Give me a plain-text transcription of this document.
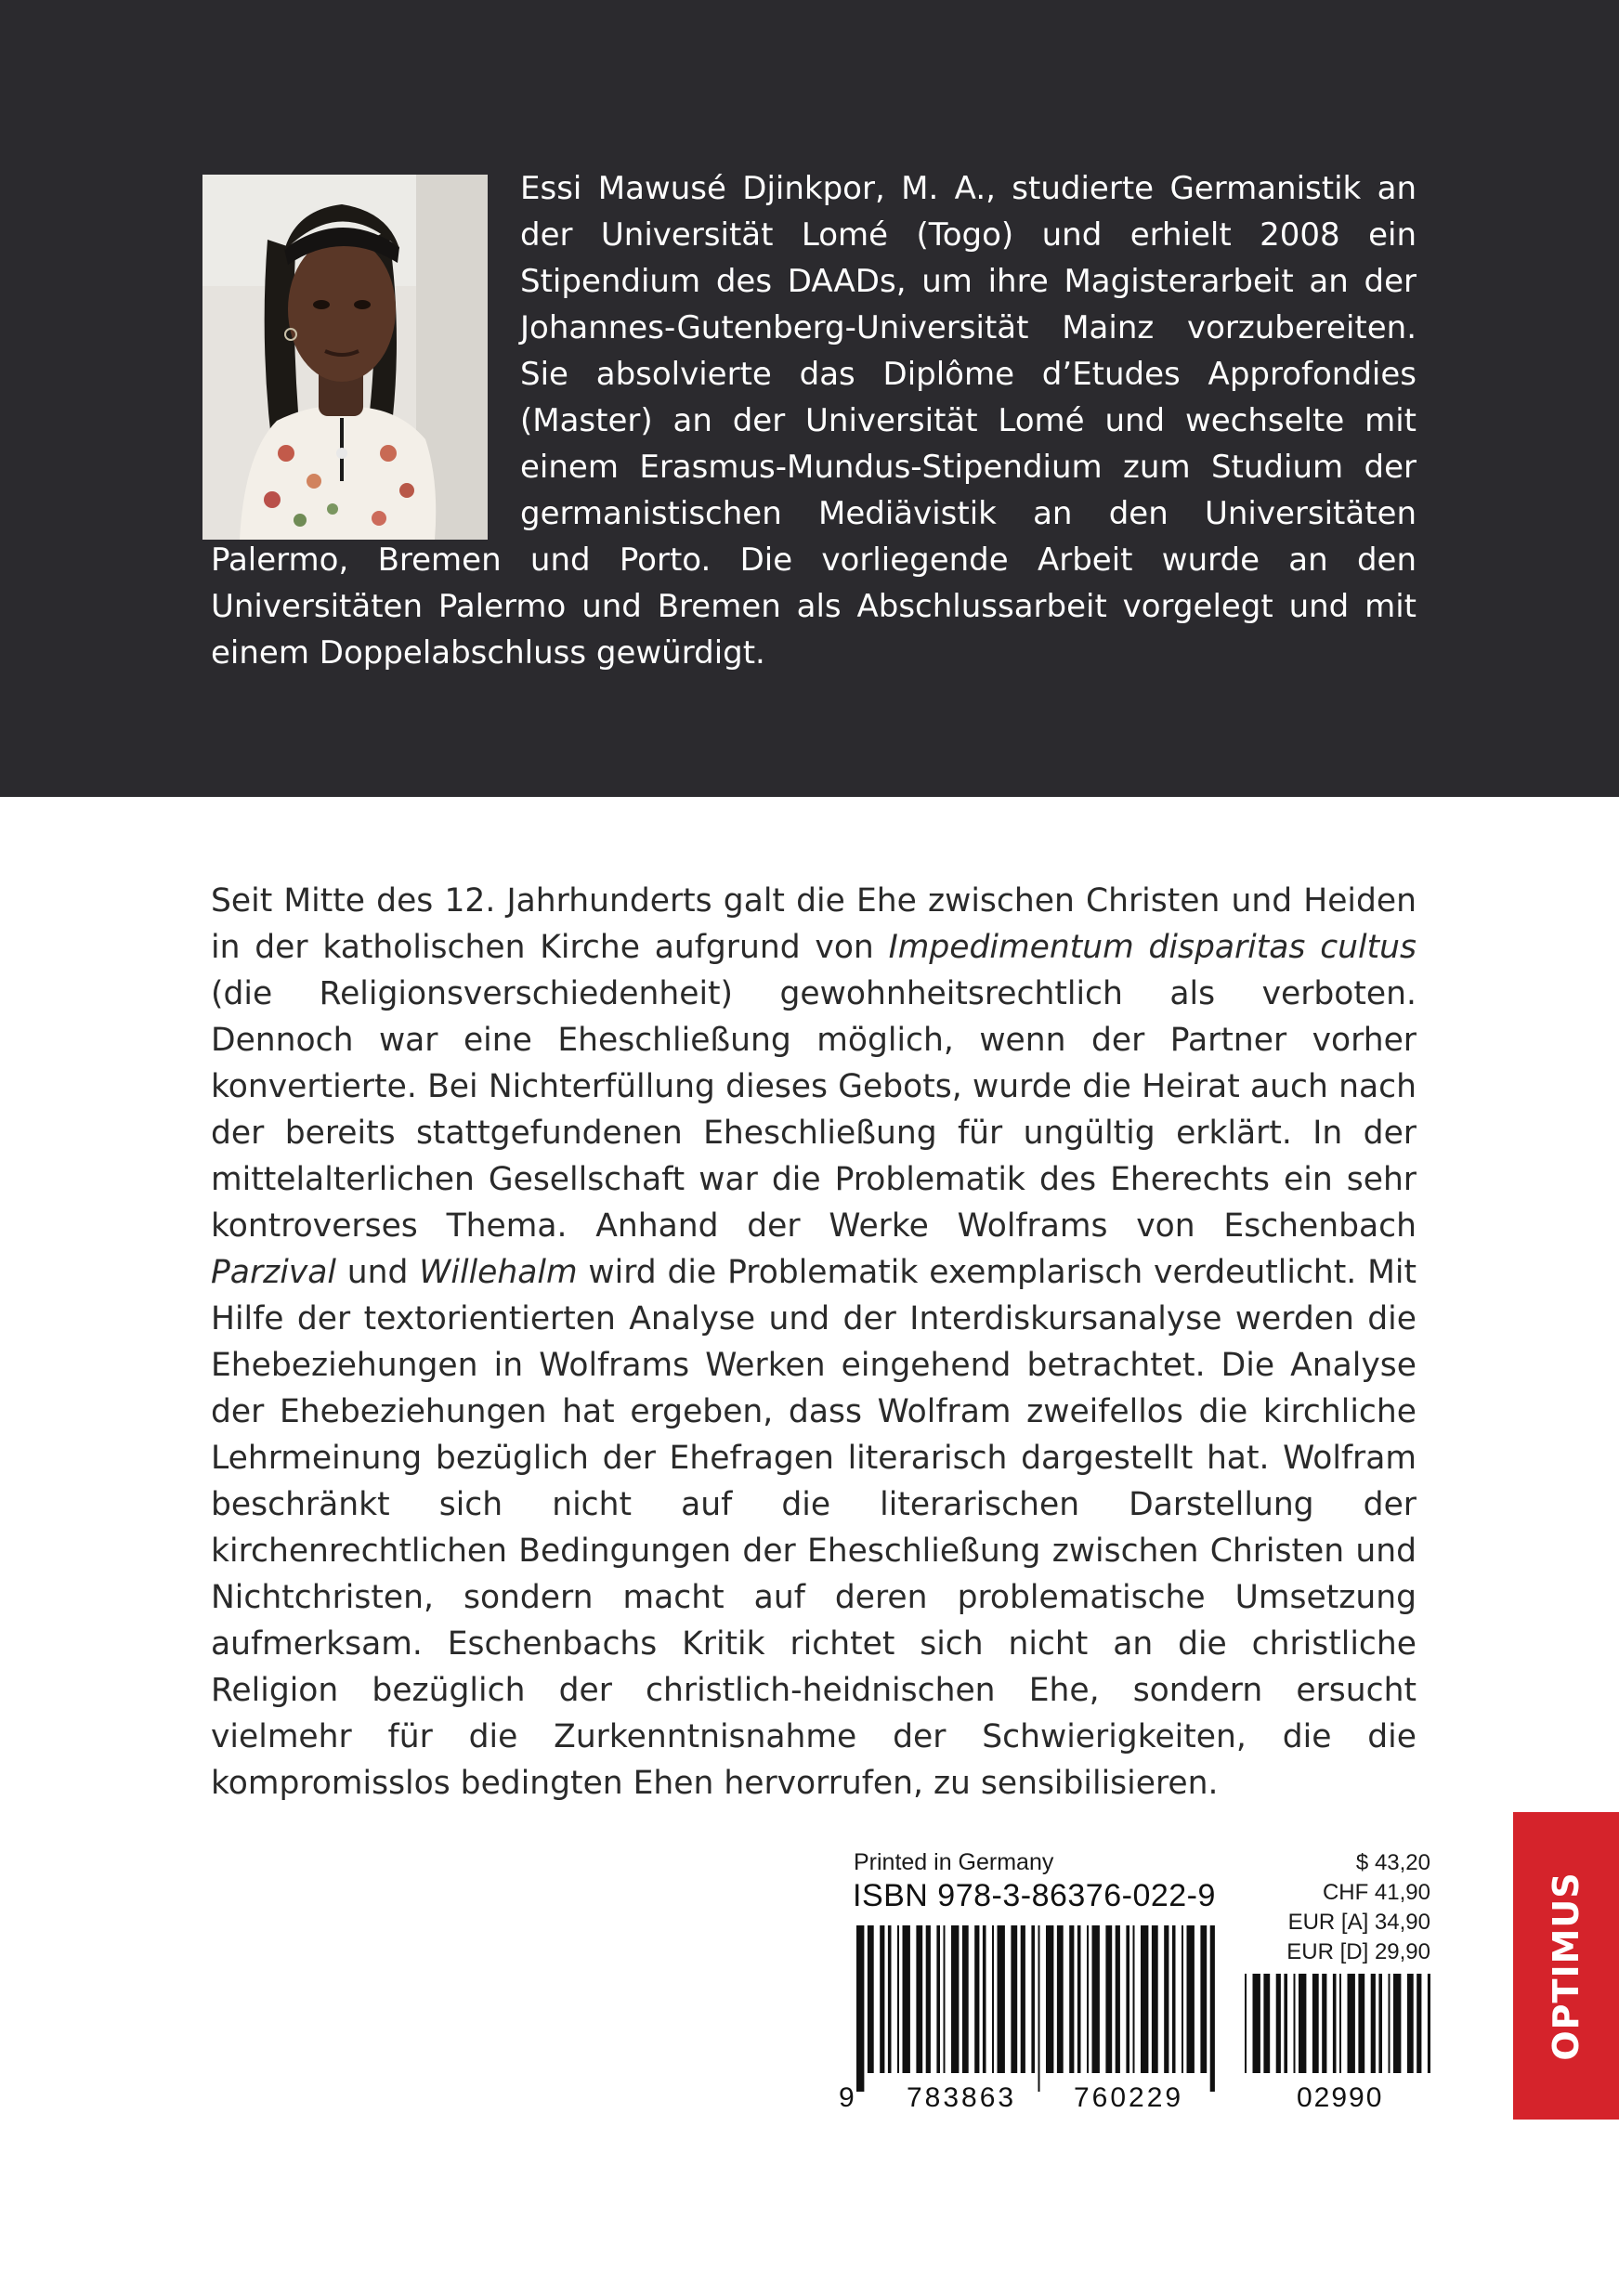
Essi Mawusé Djinkpor, M. A., studierte Germanistik an der Universität Lomé (Togo) und erhielt 2008 ein Stipendium des DAADs, um ihre Magisterarbeit an der Johannes-Gutenberg-Universität Mainz vorzubereiten. Sie absolvierte das Diplôme d’Etudes Approfondies (Master) an der Universität Lomé und wechselte mit einem Erasmus-Mundus-Stipendium zum Studium der germanistischen Mediävistik an den Universitäten Palermo, Bremen und Porto. Die vorliegende Arbeit wurde an den Universitäten Palermo und Bremen als Abschlussarbeit vorgelegt und mit einem Doppelabschluss gewürdigt.

Seit Mitte des 12. Jahrhunderts galt die Ehe zwischen Christen und Heiden in der katholischen Kirche aufgrund von Impedimentum disparitas cultus (die Religionsverschiedenheit) gewohnheitsrechtlich als verboten. Dennoch war eine Eheschließung möglich, wenn der Partner vorher konvertierte. Bei Nichterfüllung dieses Gebots, wurde die Heirat auch nach der bereits stattgefundenen Eheschließung für ungültig erklärt. In der mittelalterlichen Gesellschaft war die Problematik des Eherechts ein sehr kontroverses Thema. Anhand der Werke Wolframs von Eschenbach Parzival und Willehalm wird die Problematik exemplarisch verdeutlicht. Mit Hilfe der textorientierten Analyse und der Interdiskursanalyse werden die Ehebeziehungen in Wolframs Werken eingehend betrachtet. Die Analyse der Ehebeziehungen hat ergeben, dass Wolfram zweifellos die kirchliche Lehrmeinung bezüglich der Ehefragen literarisch dargestellt hat. Wolfram beschränkt sich nicht auf die literarischen Darstellung der kirchenrechtlichen Bedingungen der Eheschließung zwischen Christen und Nichtchristen, sondern macht auf deren problematische Umsetzung aufmerksam. Eschenbachs Kritik richtet sich nicht an die christliche Religion bezüglich der christlich-heidnischen Ehe, sondern ersucht vielmehr für die Zurkenntnisnahme der Schwierigkeiten, die die kompromisslos bedingten Ehen hervorrufen, zu sensibilisieren.

Printed in Germany
ISBN 978-3-86376-022-9
9 783863 760229	02990
$ 43,20
CHF 41,90
EUR [A] 34,90
EUR [D] 29,90	OPTIMUS
